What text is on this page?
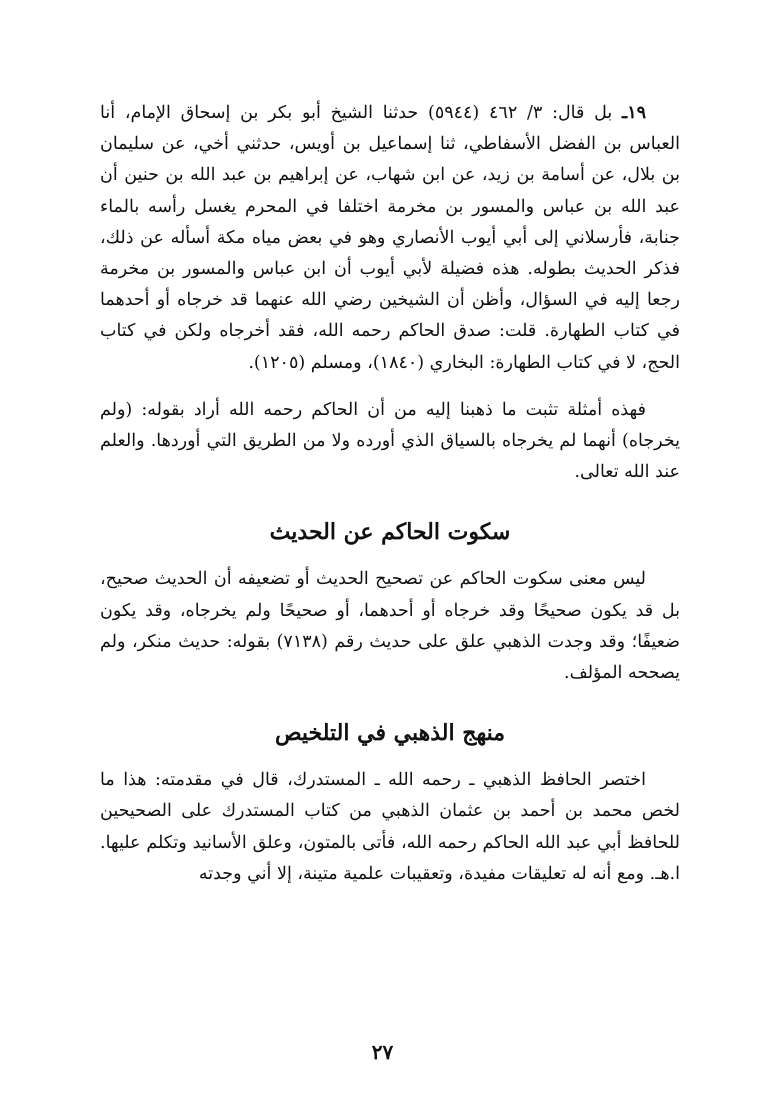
١٩ـ بل قال: ٣/ ٤٦٢ (٥٩٤٤) حدثنا الشيخ أبو بكر بن إسحاق الإمام، أنا العباس بن الفضل الأسفاطي، ثنا إسماعيل بن أويس، حدثني أخي، عن سليمان بن بلال، عن أسامة بن زيد، عن ابن شهاب، عن إبراهيم بن عبد الله بن حنين أن عبد الله بن عباس والمسور بن مخرمة اختلفا في المحرم يغسل رأسه بالماء جنابة، فأرسلاني إلى أبي أيوب الأنصاري وهو في بعض مياه مكة أسأله عن ذلك، فذكر الحديث بطوله. هذه فضيلة لأبي أيوب أن ابن عباس والمسور بن مخرمة رجعا إليه في السؤال، وأظن أن الشيخين رضي الله عنهما قد خرجاه أو أحدهما في كتاب الطهارة. قلت: صدق الحاكم رحمه الله، فقد أخرجاه ولكن في كتاب الحج، لا في كتاب الطهارة: البخاري (١٨٤٠)، ومسلم (١٢٠٥).

فهذه أمثلة تثبت ما ذهبنا إليه من أن الحاكم رحمه الله أراد بقوله: (ولم يخرجاه) أنهما لم يخرجاه بالسياق الذي أورده ولا من الطريق التي أوردها. والعلم عند الله تعالى.

سكوت الحاكم عن الحديث

ليس معنى سكوت الحاكم عن تصحيح الحديث أو تضعيفه أن الحديث صحيح، بل قد يكون صحيحًا وقد خرجاه أو أحدهما، أو صحيحًا ولم يخرجاه، وقد يكون ضعيفًا؛ وقد وجدت الذهبي علق على حديث رقم (٧١٣٨) بقوله: حديث منكر، ولم يصححه المؤلف.

منهج الذهبي في التلخيص

اختصر الحافظ الذهبي ـ رحمه الله ـ المستدرك، قال في مقدمته: هذا ما لخص محمد بن أحمد بن عثمان الذهبي من كتاب المستدرك على الصحيحين للحافظ أبي عبد الله الحاكم رحمه الله، فأتى بالمتون، وعلق الأسانيد وتكلم عليها. ا.هـ. ومع أنه له تعليقات مفيدة، وتعقيبات علمية متينة، إلا أني وجدته

٢٧
